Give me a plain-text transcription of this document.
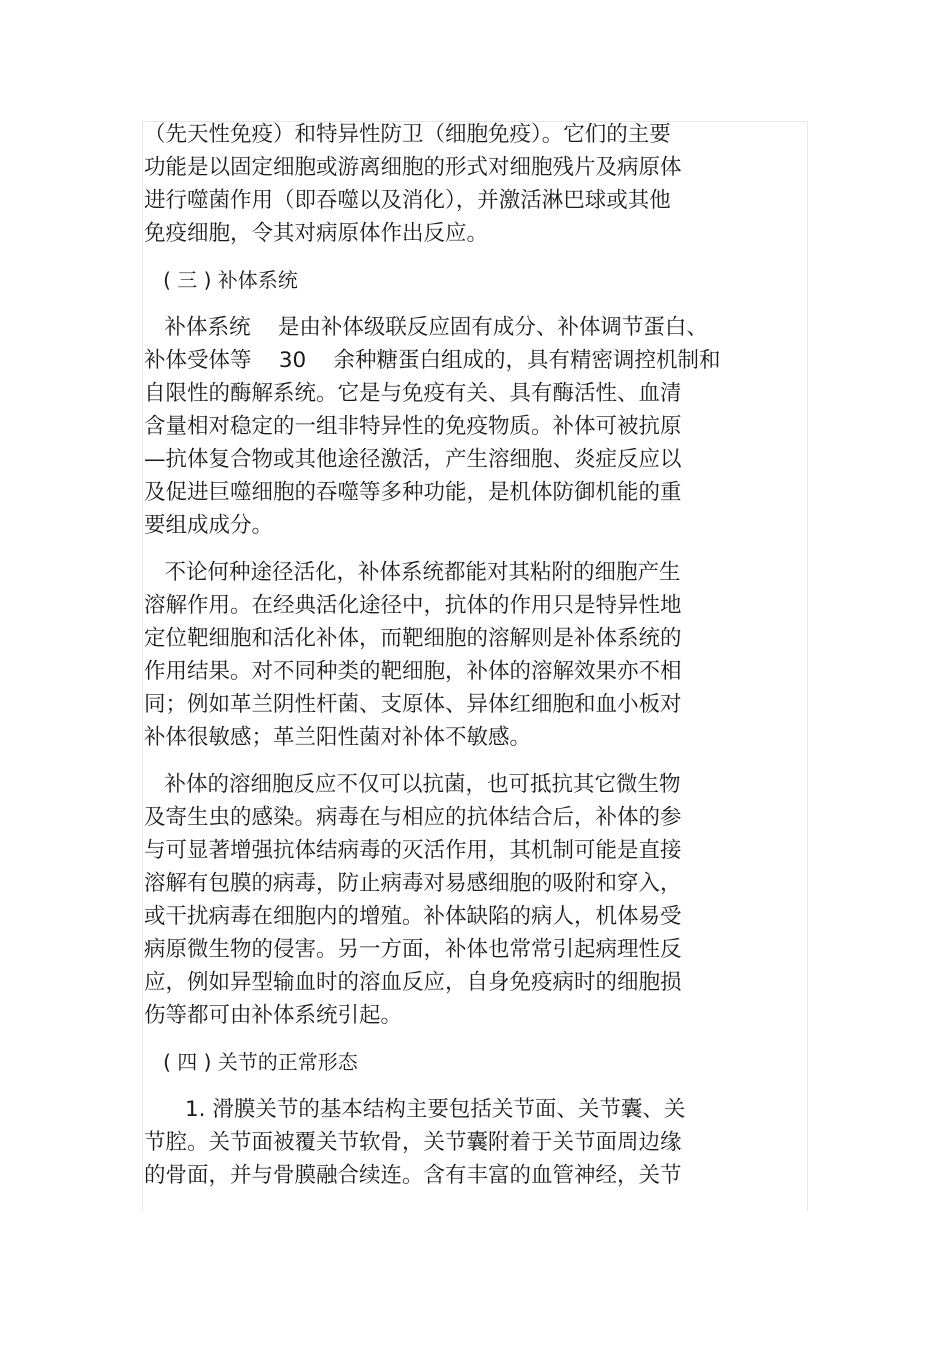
（先天性免疫）和特异性防卫（细胞免疫）。它们的主要
功能是以固定细胞或游离细胞的形式对细胞残片及病原体
进行噬菌作用（即吞噬以及消化），并激活淋巴球或其他
免疫细胞，令其对病原体作出反应。
( 三 ) 补体系统
补体系统    是由补体级联反应固有成分、补体调节蛋白、
补体受体等    30    余种糖蛋白组成的，具有精密调控机制和
自限性的酶解系统。它是与免疫有关、具有酶活性、血清
含量相对稳定的一组非特异性的免疫物质。补体可被抗原
—抗体复合物或其他途径激活，产生溶细胞、炎症反应以
及促进巨噬细胞的吞噬等多种功能，是机体防御机能的重
要组成成分。
不论何种途径活化，补体系统都能对其粘附的细胞产生
溶解作用。在经典活化途径中，抗体的作用只是特异性地
定位靶细胞和活化补体，而靶细胞的溶解则是补体系统的
作用结果。对不同种类的靶细胞，补体的溶解效果亦不相
同；例如革兰阴性杆菌、支原体、异体红细胞和血小板对
补体很敏感；革兰阳性菌对补体不敏感。
补体的溶细胞反应不仅可以抗菌，也可抵抗其它微生物
及寄生虫的感染。病毒在与相应的抗体结合后，补体的参
与可显著增强抗体结病毒的灭活作用，其机制可能是直接
溶解有包膜的病毒，防止病毒对易感细胞的吸附和穿入，
或干扰病毒在细胞内的增殖。补体缺陷的病人，机体易受
病原微生物的侵害。另一方面，补体也常常引起病理性反
应，例如异型输血时的溶血反应，自身免疫病时的细胞损
伤等都可由补体系统引起。
( 四 ) 关节的正常形态
1. 滑膜关节的基本结构主要包括关节面、关节囊、关
节腔。关节面被覆关节软骨，关节囊附着于关节面周边缘
的骨面，并与骨膜融合续连。含有丰富的血管神经，关节
